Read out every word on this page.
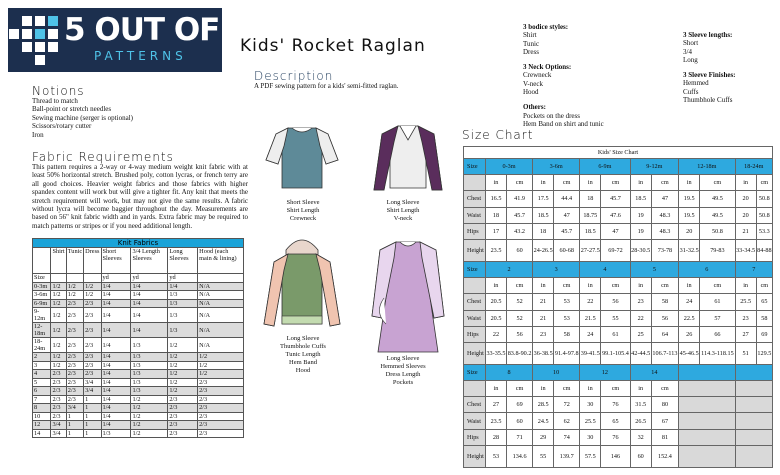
5 OUT OF 4
PATTERNS	Kids' Rocket Raglan
Description
A PDF sewing pattern for a kids' semi-fitted raglan.
Notions
Thread to match
Ball-point or stretch needles
Sewing machine (serger is optional)
Scissors/rotary cutter
Iron
Fabric Requirements
This pattern requires a 2-way or 4-way medium weight knit fabric with at least 50% horizontal stretch. Brushed poly, cotton lycras, or french terry are all good choices. Heavier weight fabrics and those fabrics with higher spandex content will work but will give a tighter fit. Any knit that meets the stretch requirement will work, but may not give the same results. A fabric without lycra will become baggier throughout the day. Measurements are based on 56" knit fabric width and in yards. Extra fabric may be required to match patterns or stripes or if you need additional length.
Knit Fabrics							
	Shirt	Tunic	Dress	Short Sleeves	3/4 Length Sleeves	Long Sleeves	Hood (each main & lining)
Size				yd	yd	yd	
0-3m	1/2	1/2	1/2	1/4	1/4	1/4	N/A
3-6m	1/2	1/2	1/2	1/4	1/4	1/3	N/A
6-9m	1/2	2/3	2/3	1/4	1/4	1/3	N/A
9-12m	1/2	2/3	2/3	1/4	1/4	1/3	N/A
12-18m	1/2	2/3	2/3	1/4	1/4	1/3	N/A
18-24m	1/2	2/3	2/3	1/4	1/3	1/2	N/A
2	1/2	2/3	2/3	1/4	1/3	1/2	1/2
3	1/2	2/3	2/3	1/4	1/3	1/2	1/2
4	2/3	2/3	2/3	1/4	1/3	1/2	1/2
5	2/3	2/3	3/4	1/4	1/3	1/2	2/3
6	2/3	2/3	3/4	1/4	1/3	1/2	2/3
7	2/3	2/3	1	1/4	1/2	2/3	2/3
8	2/3	3/4	1	1/4	1/2	2/3	2/3
10	2/3	1	1	1/4	1/2	2/3	2/3
12	3/4	1	1	1/4	1/2	2/3	2/3
14	3/4	1	1	1/3	1/2	2/3	2/3
3 bodice styles:
Shirt
Tunic
Dress
3 Neck Options:
Crewneck
V-neck
Hood
Others:
Pockets on the dress
Hem Band on shirt and tunic
3 Sleeve lengths:
Short
3/4
Long
3 Sleeve Finishes:
Hemmed
Cuffs
Thumbhole Cuffs
Short Sleeve
Shirt Length
Crewneck
Long Sleeve
Shirt Length
V-neck
Long Sleeve
Thumbhole Cuffs
Tunic Length
Hem Band
Hood
Long Sleeve
Hemmed Sleeves
Dress Length
Pockets
Size Chart
Kids' Size Chart												
Size	0-3m		3-6m		6-9m		9-12m		12-18m		18-24m	
	in	cm	in	cm	in	cm	in	cm	in	cm	in	cm
Chest	16.5	41.9	17.5	44.4	18	45.7	18.5	47	19.5	49.5	20	50.8
Waist	18	45.7	18.5	47	18.75	47.6	19	48.3	19.5	49.5	20	50.8
Hips	17	43.2	18	45.7	18.5	47	19	48.3	20	50.8	21	53.3
Height	23.5	60	24-26.5	60-68	27-27.5	69-72	28-30.5	73-78	31-32.5	79-83	33-34.5	84-88
Size	2		3		4		5		6		7	
	in	cm	in	cm	in	cm	in	cm	in	cm	in	cm
Chest	20.5	52	21	53	22	56	23	58	24	61	25.5	65
Waist	20.5	52	21	53	21.5	55	22	56	22.5	57	23	58
Hips	22	56	23	58	24	61	25	64	26	66	27	69
Height	33-35.5	83.8-90.2	36-38.5	91.4-97.8	39-41.5	99.1-105.4	42-44.5	106.7-113	45-46.5	114.3-118.15	51	129.5
Size	8		10		12		14					
	in	cm	in	cm	in	cm	in	cm				
Chest	27	69	28.5	72	30	76	31.5	80				
Waist	23.5	60	24.5	62	25.5	65	26.5	67				
Hips	28	71	29	74	30	76	32	81				
Height	53	134.6	55	139.7	57.5	146	60	152.4				
